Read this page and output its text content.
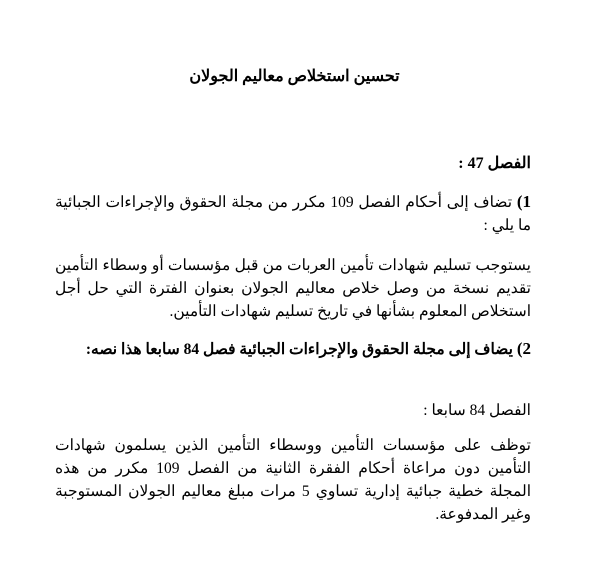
تحسين استخلاص معاليم الجولان
الفصل 47 :
1) تضاف إلى أحكام الفصل 109 مكرر من مجلة الحقوق والإجراءات الجبائية ما يلي :
يستوجب تسليم شهادات تأمين العربات من قبل مؤسسات أو وسطاء التأمين تقديم نسخة من وصل خلاص معاليم الجولان بعنوان الفترة التي حل أجل استخلاص المعلوم بشأنها في تاريخ تسليم شهادات التأمين.
2) يضاف إلى مجلة الحقوق والإجراءات الجبائية فصل 84 سابعا هذا نصه:
الفصل 84 سابعا :
توظف على مؤسسات التأمين ووسطاء التأمين الذين يسلمون شهادات التأمين دون مراعاة أحكام الفقرة الثانية من الفصل 109 مكرر من هذه المجلة خطية جبائية إدارية تساوي 5 مرات مبلغ معاليم الجولان المستوجبة وغير المدفوعة.
